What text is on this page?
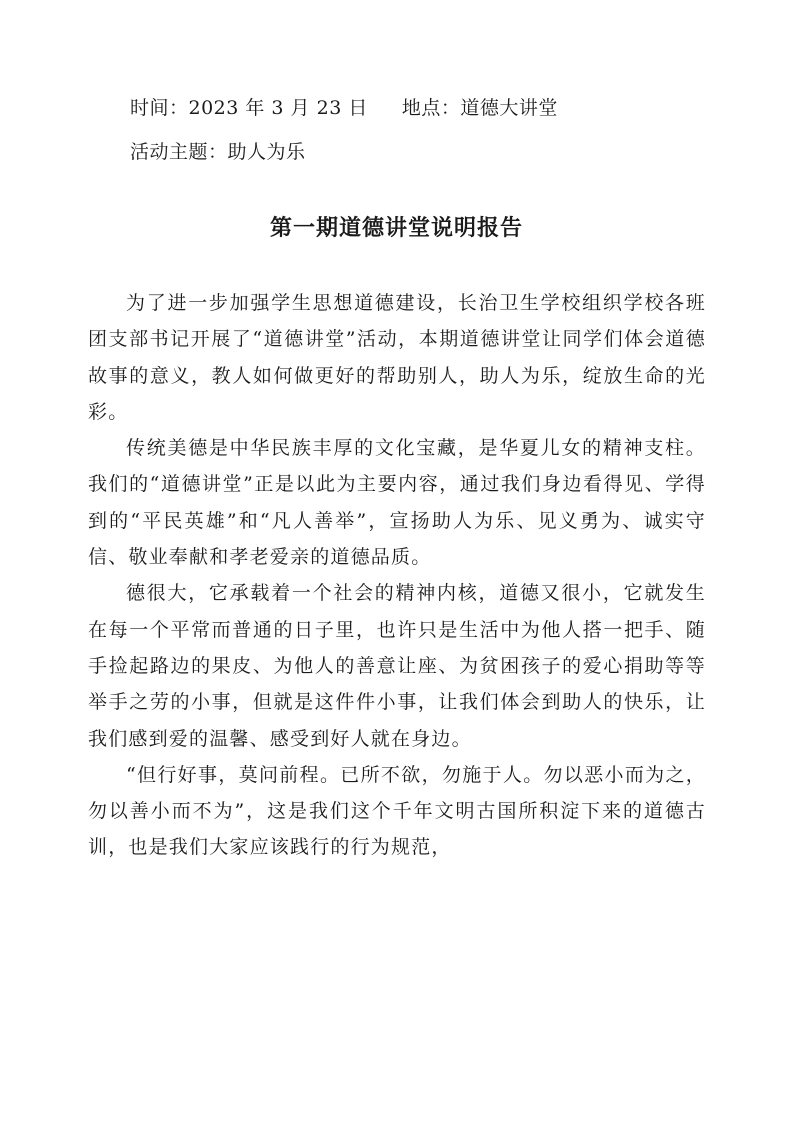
时间：2023 年 3 月 23 日 地点：道德大讲堂
活动主题：助人为乐
第一期道德讲堂说明报告

为了进一步加强学生思想道德建设，长治卫生学校组织学校各班团支部书记开展了“道德讲堂”活动，本期道德讲堂让同学们体会道德故事的意义，教人如何做更好的帮助别人，助人为乐，绽放生命的光彩。

传统美德是中华民族丰厚的文化宝藏，是华夏儿女的精神支柱。我们的“道德讲堂”正是以此为主要内容，通过我们身边看得见、学得到的“平民英雄”和“凡人善举”，宣扬助人为乐、见义勇为、诚实守信、敬业奉献和孝老爱亲的道德品质。

德很大，它承载着一个社会的精神内核，道德又很小，它就发生在每一个平常而普通的日子里，也许只是生活中为他人搭一把手、随手捡起路边的果皮、为他人的善意让座、为贫困孩子的爱心捐助等等举手之劳的小事，但就是这件件小事，让我们体会到助人的快乐，让我们感到爱的温馨、感受到好人就在身边。

“但行好事，莫问前程。已所不欲，勿施于人。勿以恶小而为之，勿以善小而不为”，这是我们这个千年文明古国所积淀下来的道德古训，也是我们大家应该践行的行为规范，
